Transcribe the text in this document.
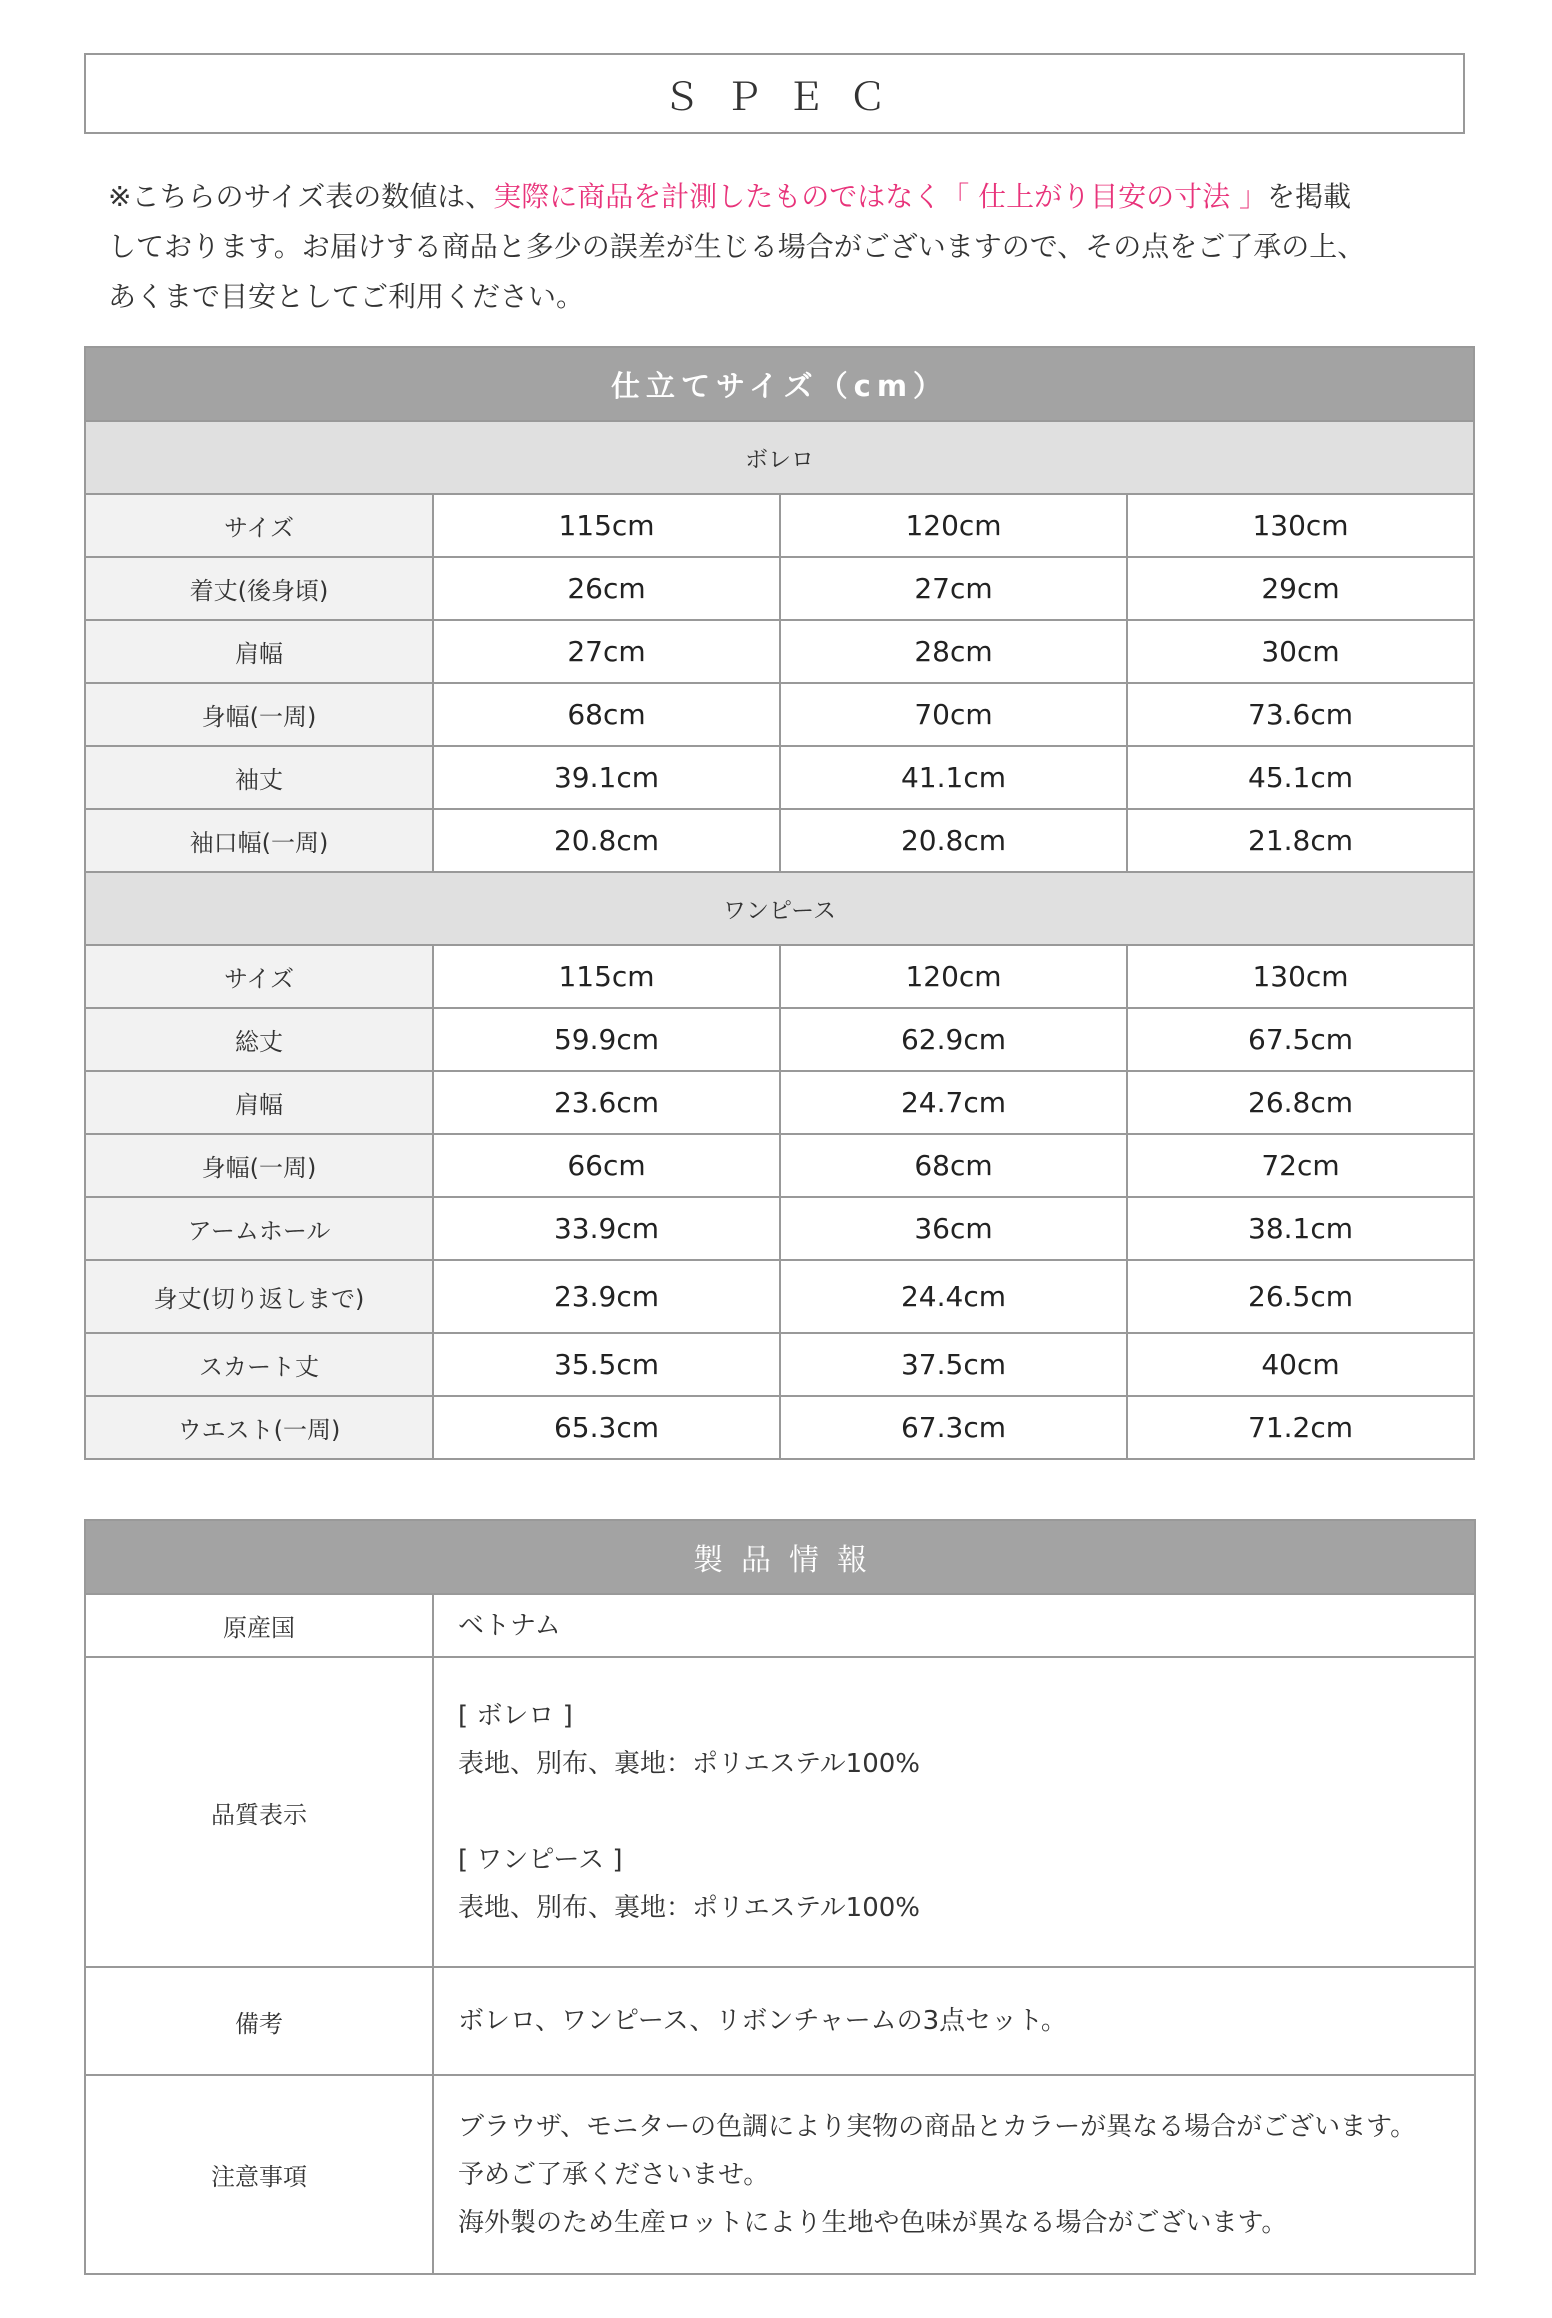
ＳＰＥＣ
※こちらのサイズ表の数値は、実際に商品を計測したものではなく「 仕上がり目安の寸法 」を掲載
しております。お届けする商品と多少の誤差が生じる場合がございますので、その点をご了承の上、
あくまで目安としてご利用ください。
仕立てサイズ（cm）			
ボレロ			
サイズ	115cm	120cm	130cm
着丈(後身頃)	26cm	27cm	29cm
肩幅	27cm	28cm	30cm
身幅(一周)	68cm	70cm	73.6cm
袖丈	39.1cm	41.1cm	45.1cm
袖口幅(一周)	20.8cm	20.8cm	21.8cm
ワンピース			
サイズ	115cm	120cm	130cm
総丈	59.9cm	62.9cm	67.5cm
肩幅	23.6cm	24.7cm	26.8cm
身幅(一周)	66cm	68cm	72cm
アームホール	33.9cm	36cm	38.1cm
身丈(切り返しまで)	23.9cm	24.4cm	26.5cm
スカート丈	35.5cm	37.5cm	40cm
ウエスト(一周)	65.3cm	67.3cm	71.2cm
製品情報	
原産国	ベトナム
品質表示	[ ボレロ ]
表地、別布、裏地：ポリエステル100%
[ ワンピース ]
表地、別布、裏地：ポリエステル100%

備考	ボレロ、ワンピース、リボンチャームの3点セット。
注意事項	ブラウザ、モニターの色調により実物の商品とカラーが異なる場合がございます。
予めご了承くださいませ。
海外製のため生産ロットにより生地や色味が異なる場合がございます。
